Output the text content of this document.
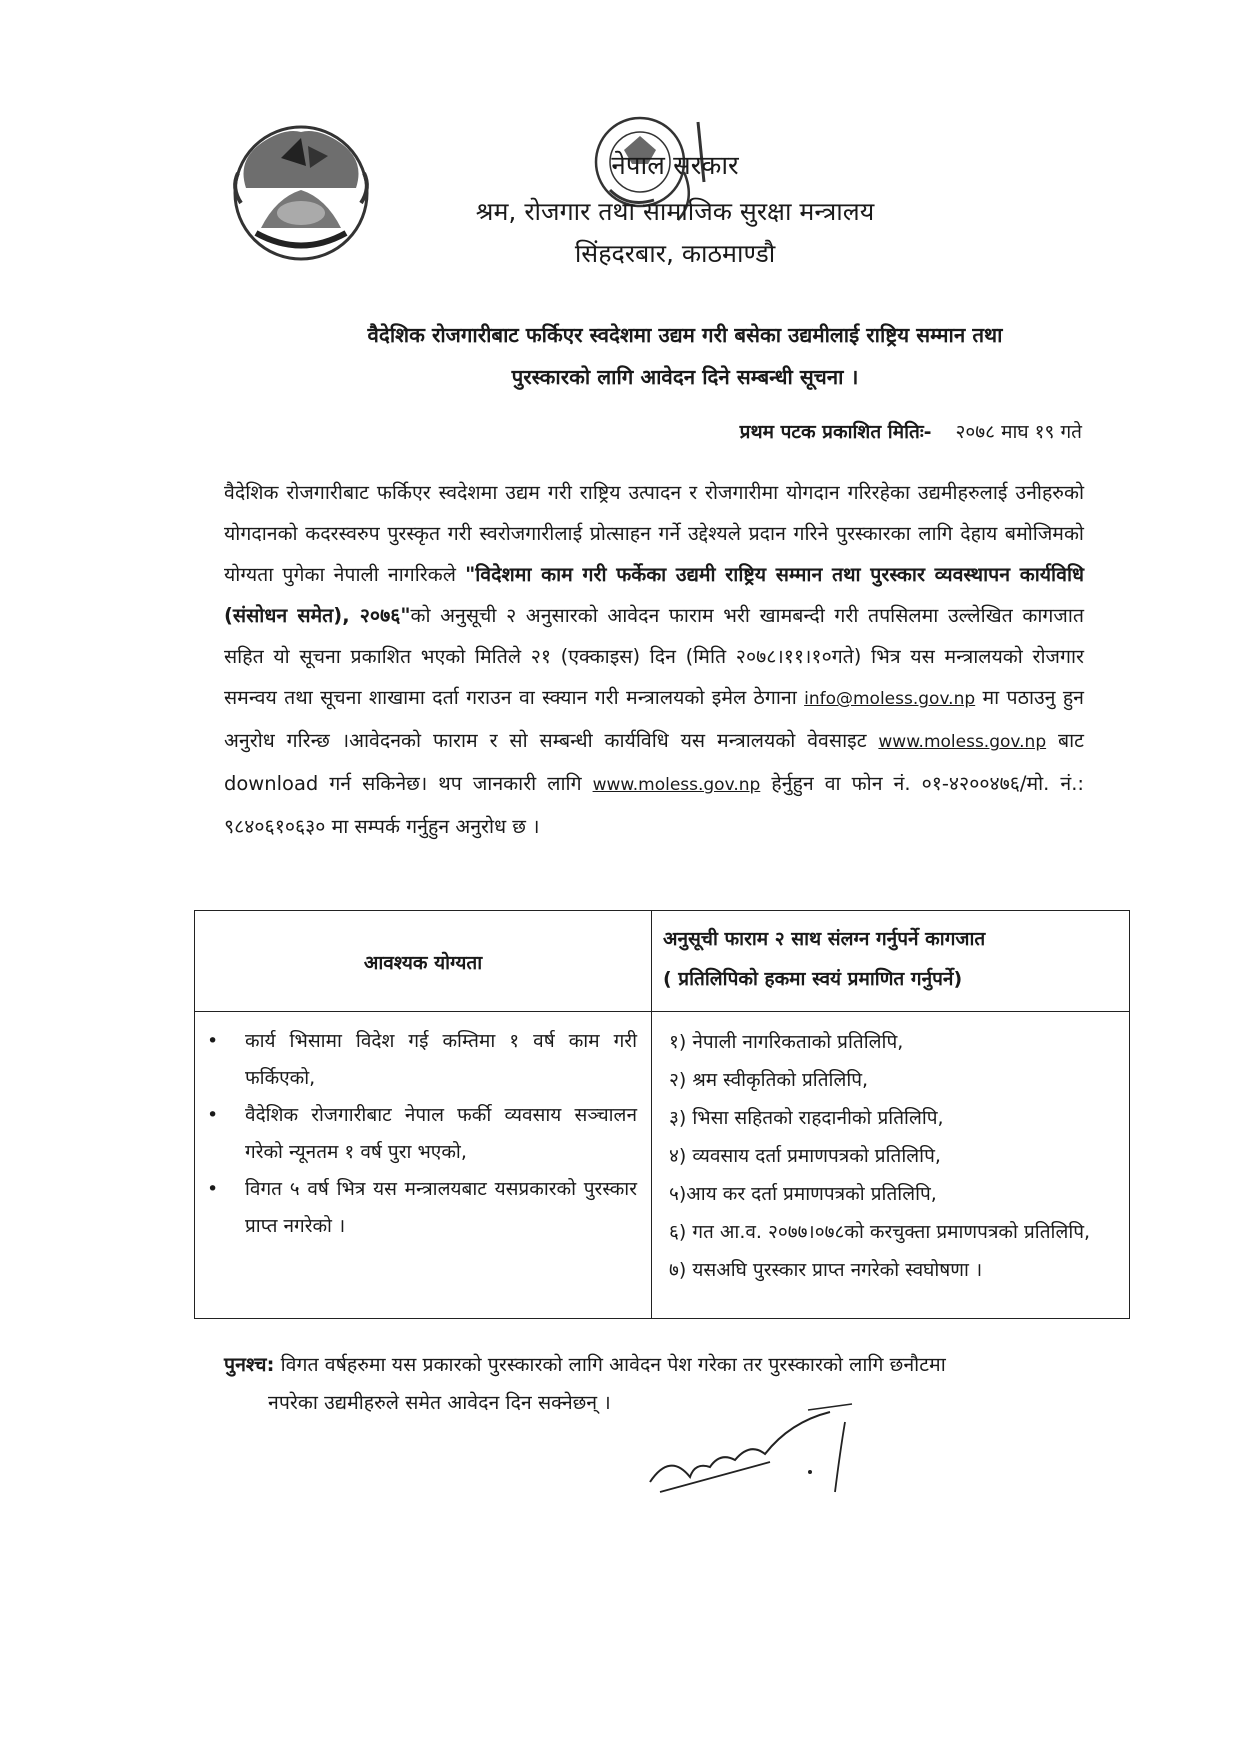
नेपाल सरकार
श्रम, रोजगार तथा सामाजिक सुरक्षा मन्त्रालय
सिंहदरबार, काठमाण्डौ
वैदेशिक रोजगारीबाट फर्किएर स्वदेशमा उद्यम गरी बसेका उद्यमीलाई राष्ट्रिय सम्मान तथा
पुरस्कारको लागि आवेदन दिने सम्बन्धी सूचना ।
प्रथम पटक प्रकाशित मितिः- २०७८ माघ १९ गते
वैदेशिक रोजगारीबाट फर्किएर स्वदेशमा उद्यम गरी राष्ट्रिय उत्पादन र रोजगारीमा योगदान गरिरहेका उद्यमीहरुलाई उनीहरुको योगदानको कदरस्वरुप पुरस्कृत गरी स्वरोजगारीलाई प्रोत्साहन गर्ने उद्देश्यले प्रदान गरिने पुरस्कारका लागि देहाय बमोजिमको योग्यता पुगेका नेपाली नागरिकले "विदेशमा काम गरी फर्केका उद्यमी राष्ट्रिय सम्मान तथा पुरस्कार व्यवस्थापन कार्यविधि (संसोधन समेत), २०७६"को अनुसूची २ अनुसारको आवेदन फाराम भरी खामबन्दी गरी तपसिलमा उल्लेखित कागजात सहित यो सूचना प्रकाशित भएको मितिले २१ (एक्काइस) दिन (मिति २०७८।११।१०गते) भित्र यस मन्त्रालयको रोजगार समन्वय तथा सूचना शाखामा दर्ता गराउन वा स्क्यान गरी मन्त्रालयको इमेल ठेगाना info@moless.gov.np मा पठाउनु हुन अनुरोध गरिन्छ ।आवेदनको फाराम र सो सम्बन्धी कार्यविधि यस मन्त्रालयको वेवसाइट www.moless.gov.np बाट download गर्न सकिनेछ। थप जानकारी लागि www.moless.gov.np हेर्नुहुन वा फोन नं. ०१-४२००४७६/मो. नं.: ९८४०६१०६३० मा सम्पर्क गर्नुहुन अनुरोध छ ।
आवश्यक योग्यता
अनुसूची फाराम २ साथ संलग्न गर्नुपर्ने कागजात
( प्रतिलिपिको हकमा स्वयं प्रमाणित गर्नुपर्ने)
• कार्य भिसामा विदेश गई कम्तिमा १ वर्ष काम गरी फर्किएको,
• वैदेशिक रोजगारीबाट नेपाल फर्की व्यवसाय सञ्चालन गरेको न्यूनतम १ वर्ष पुरा भएको,
• विगत ५ वर्ष भित्र यस मन्त्रालयबाट यसप्रकारको पुरस्कार प्राप्त नगरेको ।
१) नेपाली नागरिकताको प्रतिलिपि,
२) श्रम स्वीकृतिको प्रतिलिपि,
३) भिसा सहितको राहदानीको प्रतिलिपि,
४) व्यवसाय दर्ता प्रमाणपत्रको प्रतिलिपि,
५)आय कर दर्ता प्रमाणपत्रको प्रतिलिपि,
६) गत आ.व. २०७७।०७८को करचुक्ता प्रमाणपत्रको प्रतिलिपि,
७) यसअघि पुरस्कार प्राप्त नगरेको स्वघोषणा ।
पुनश्च: विगत वर्षहरुमा यस प्रकारको पुरस्कारको लागि आवेदन पेश गरेका तर पुरस्कारको लागि छनौटमा
नपरेका उद्यमीहरुले समेत आवेदन दिन सक्नेछन् ।
